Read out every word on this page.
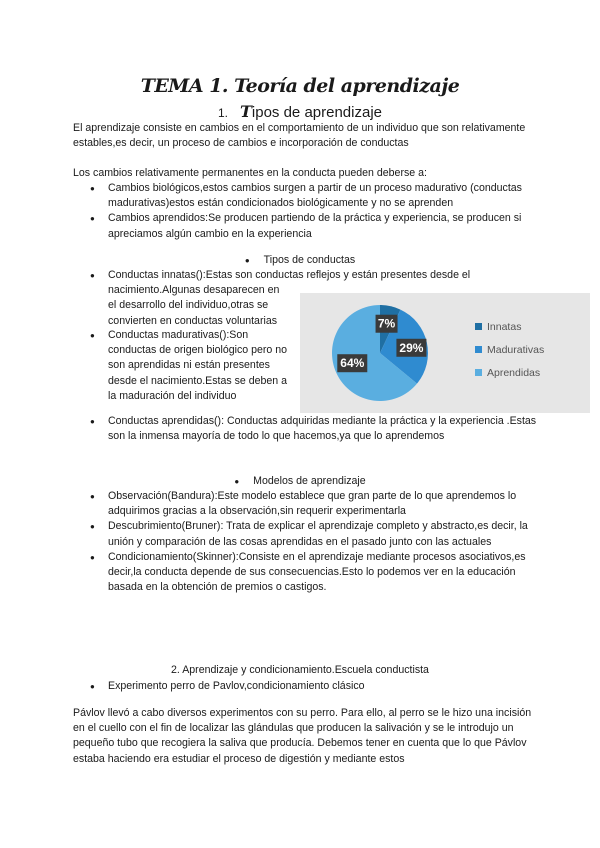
TEMA 1. Teoría del aprendizaje
1. Tipos de aprendizaje

El aprendizaje consiste en cambios en el comportamiento de un individuo que son relativamente estables,es decir, un proceso de cambios e incorporación de conductas

Los cambios relativamente permanentes en la conducta pueden deberse a:

● Cambios biológicos,estos cambios surgen a partir de un proceso madurativo (conductas madurativas)estos están condicionados biológicamente y no se aprenden
● Cambios aprendidos:Se producen partiendo de la práctica y experiencia, se producen si apreciamos algún cambio en la experiencia
● Tipos de conductas
● Conductas innatas():Estas son conductas reflejos y están presentes desde el
nacimiento.Algunas desaparecen en el desarrollo del individuo,otras se convierten en conductas voluntarias
● Conductas madurativas():Son conductas de origen biológico pero no son aprendidas ni están presentes desde el nacimiento.Estas se deben a la maduración del individuo
● Conductas aprendidas(): Conductas adquiridas mediante la práctica y la experiencia .Estas son la inmensa mayoría de todo lo que hacemos,ya que lo aprendemos
7%
29%
64%
Innatas
Madurativas
Aprendidas
● Modelos de aprendizaje
● Observación(Bandura):Este modelo establece que gran parte de lo que aprendemos lo adquirimos gracias a la observación,sin requerir experimentarla
● Descubrimiento(Bruner): Trata de explicar el aprendizaje completo y abstracto,es decir, la unión y comparación de las cosas aprendidas en el pasado junto con las actuales
● Condicionamiento(Skinner):Consiste en el aprendizaje mediante procesos asociativos,es decir,la conducta depende de sus consecuencias.Esto lo podemos ver en la educación basada en la obtención de premios o castigos.
2. Aprendizaje y condicionamiento.Escuela conductista
● Experimento perro de Pavlov,condicionamiento clásico

Pávlov llevó a cabo diversos experimentos con su perro. Para ello, al perro se le hizo una incisión en el cuello con el fin de localizar las glándulas que producen la salivación y se le introdujo un pequeño tubo que recogiera la saliva que producía. Debemos tener en cuenta que lo que Pávlov estaba haciendo era estudiar el proceso de digestión y mediante estos
